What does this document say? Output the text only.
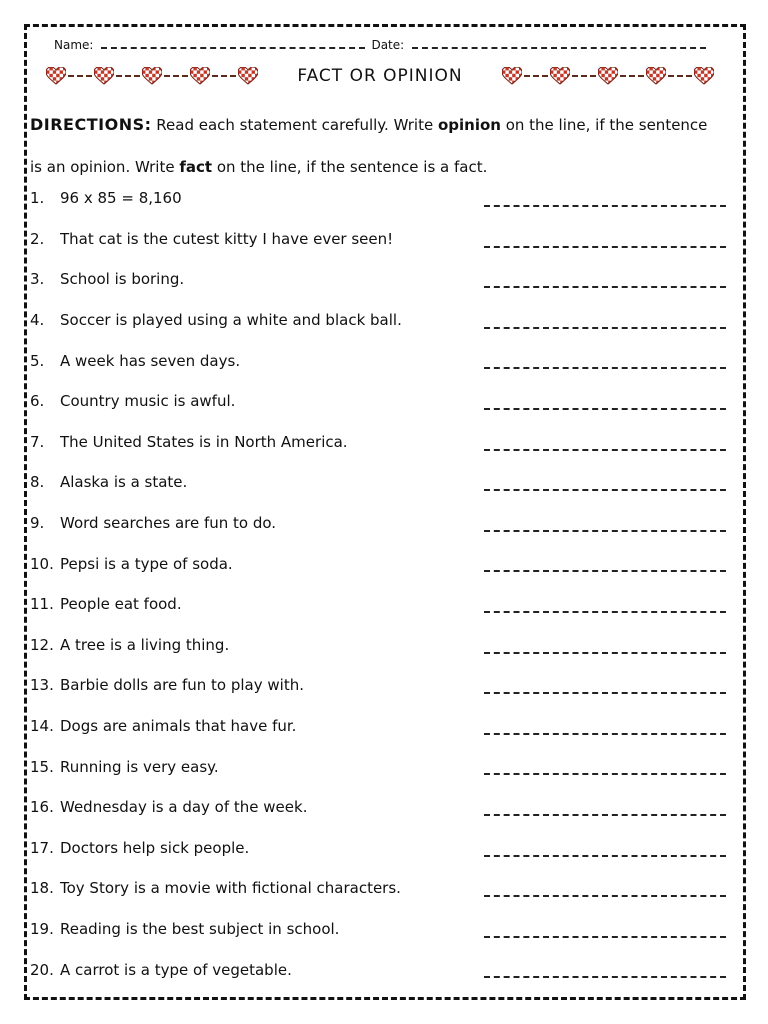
Name:	Date:
FACT OR OPINION
DIRECTIONS: Read each statement carefully. Write opinion on the line, if the sentence is an opinion. Write fact on the line, if the sentence is a fact.
1.	96 x 85 = 8,160
2.	That cat is the cutest kitty I have ever seen!
3.	School is boring.
4.	Soccer is played using a white and black ball.
5.	A week has seven days.
6.	Country music is awful.
7.	The United States is in North America.
8.	Alaska is a state.
9.	Word searches are fun to do.
10. Pepsi is a type of soda.
11. People eat food.
12. A tree is a living thing.
13. Barbie dolls are fun to play with.
14. Dogs are animals that have fur.
15. Running is very easy.
16. Wednesday is a day of the week.
17. Doctors help sick people.
18. Toy Story is a movie with fictional characters.
19. Reading is the best subject in school.
20. A carrot is a type of vegetable.
